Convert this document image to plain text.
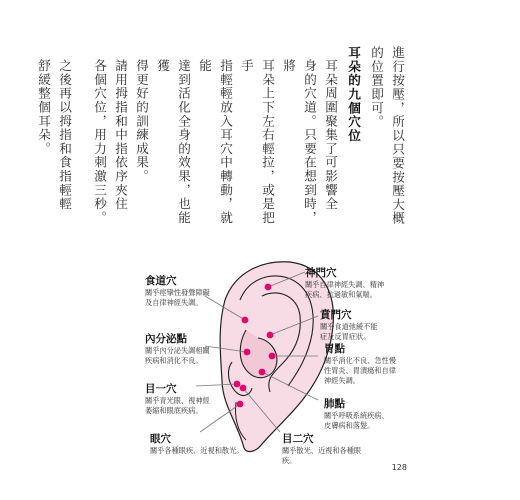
進行按壓，所以只要按壓大概
的位置即可。

耳朵的九個穴位

耳朵周圍聚集了可影響全
身的穴道。只要在想到時，將
耳朵上下左右輕拉，或是把手
指輕輕放入耳穴中轉動，就能
達到活化全身的效果，也能獲
得更好的訓練成果。

請用拇指和中指依序夾住
各個穴位，用力刺激三秒。

之後再以拇指和食指輕輕
舒緩整個耳朵。

神門穴
關乎自律神經失調、精神
疾病、抗過敏和氣喘。
食道穴
關乎痙攣性發聲障礙
及自律神經失調。
賁門穴
關乎食道弛緩不能
症及反胃症狀。
內分泌點
關乎內分泌失調相關
疾病和消化不良。
胃點
關乎消化不良、急性慢
性胃炎、胃潰瘍和自律
神經失調。
目一穴
關乎青光眼、視神經
萎縮和眼底疾病。
肺點
關乎呼吸系統疾病、
皮膚病和落髮。
眼穴
關乎各種眼疾、近視和散光。
目二穴
關乎散光、近視和各種眼
疾。
128
